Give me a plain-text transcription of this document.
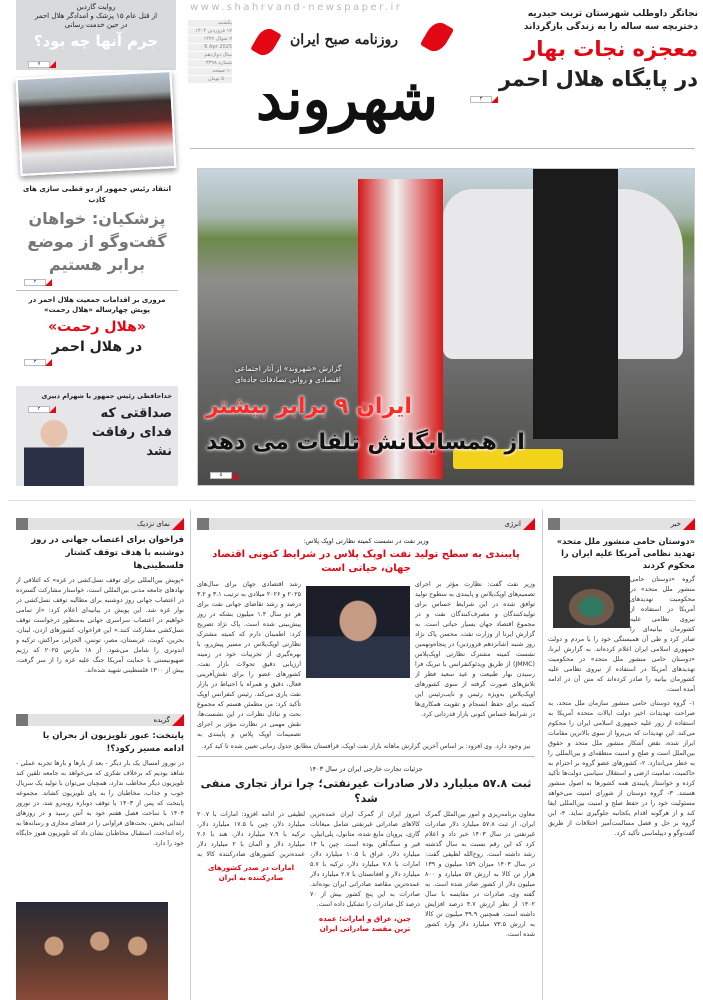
روایت گاردین
از قتل عام ۱۵ پزشک و امدادگر هلال احمر
در حین خدمت رسانی
جرم آنها چه بود؟
۷
www.shahrvand-newspaper.ir
شهروند
روزنامه صبح ایران
یکشنبه
۱۷ فروردین ۱۴۰۴
۷ شوال ۱۴۴۶
6 Apr 2025
سال دوازدهم
شماره ۳۳۹۸
۱۰ صفحه
۵۰۰۰ تومان
نجاتگر داوطلب شهرستان تربت حیدریه
دختربچه سه ساله را به زندگی بازگرداند
معجزه نجات بهار
در پایگاه هلال احمر
۳
انتقاد رئیس جمهور از دو قطبی سازی های کاذب
پزشکیان: خواهان گفت‌وگو از موضع برابر هستیم
۲
مروری بر اقدامات جمعیت هلال احمر در پویش چهارساله «هلال رحمت»
«هلال رحمت»
در هلال احمر
۳
خداحافظی رئیس جمهور با شهرام دبیری
صداقتی که فدای رفاقت نشد
۲
گزارش «شهروند» از آثار اجتماعی
اقتصادی و روانی تصادفات جاده‌ای
ایران ۹ برابر بیشتر
از همسایگانش تلفات می دهد
۵
خبر
«دوستان حامی منشور ملل متحد» تهدید نظامی آمریکا علیه ایران را محکوم کردند
گروه «دوستان حامی منشور ملل متحد» در محکومیت تهدیدهای آمریکا در استفاده از نیروی نظامی علیه کشورمان بیانیه‌ای را صادر کرد و طی آن همبستگی خود را با مردم و دولت جمهوری اسلامی ایران اعلام کرده‌اند. به گزارش ایرنا، «دوستان حامی منشور ملل متحد» در محکومیت تهدیدهای آمریکا در استفاده از نیروی نظامی علیه کشورمان بیانیه را صادر کرده‌اند که متن آن در ادامه آمده است.
۱- گروه دوستان حامی منشور سازمان ملل متحد، به صراحت تهدیدات اخیر دولت ایالات متحده آمریکا به استفاده از زور علیه جمهوری اسلامی ایران را محکوم می‌کند. این تهدیدات که بی‌پروا از سوی بالاترین مقامات ابراز شده، نقض آشکار منشور ملل متحد و حقوق بین‌الملل است و صلح و امنیت منطقه‌ای و بین‌المللی را به خطر می‌اندازد. ۲- کشورهای عضو گروه بر احترام به حاکمیت، تمامیت ارضی و استقلال سیاسی دولت‌ها تأکید کرده و خواستار پایبندی همه کشورها به اصول منشور هستند. ۳- گروه دوستان از شورای امنیت می‌خواهد مسئولیت خود را در حفظ صلح و امنیت بین‌المللی ایفا کند و از هرگونه اقدام یکجانبه جلوگیری نماید. ۴- این گروه بر حل و فصل مسالمت‌آمیز اختلافات از طریق گفت‌وگو و دیپلماسی تأکید کرد.
انرژی
وزیر نفت در نشست کمیته نظارتی اوپک پلاس:
پایبندی به سطح تولید نفت اوپک پلاس در شرایط کنونی اقتصاد جهان، حیاتی است
وزیر نفت گفت: نظارت مؤثر بر اجرای تصمیم‌های اوپک‌پلاس و پایبندی به سطوح تولید توافق شده در این شرایط حساس برای تولیدکنندگان و مصرف‌کنندگان نفت و در مجموع اقتصاد جهان بسیار حیاتی است. به گزارش ایرنا از وزارت نفت، محسن پاک نژاد روز شنبه (شانزدهم فروردین) در پنجاه‌ونهمین نشست کمیته مشترک نظارتی اوپک‌پلاس (JMMC) از طریق ویدئوکنفرانس با تبریک فرا رسیدن بهار طبیعت و عید سعید فطر از تلاش‌های صورت گرفته از سوی کشورهای اوپک‌پلاس به‌ویژه رئیس و نایب‌رئیس این کمیته برای حفظ انسجام و تقویت همکاری‌ها در شرایط حساس کنونی بازار قدردانی کرد.
رشد اقتصادی جهان برای سال‌های ۲۰۲۵ و ۲۰۲۶ میلادی به ترتیب ۳.۱ و ۳.۲ درصد و رشد تقاضای جهانی نفت برای هر دو سال ۱.۴ میلیون بشکه در روز پیش‌بینی شده است. پاک نژاد تصریح کرد: اطمینان دارم که کمیته مشترک نظارتی اوپک‌پلاس در مسیر پیش‌رو، با بهره‌گیری از تجربیات خود در زمینه ارزیابی دقیق تحولات بازار نفت، کشورهای عضو را برای نقش‌آفرینی فعال، دقیق و همراه با احتیاط در بازار نفت یاری می‌کند. رئیس کنفرانس اوپک تأکید کرد: من مطمئن هستم که مجموع بحث و تبادل نظرات در این نشست‌ها، نقش مهمی در نظارت مؤثر بر اجرای تصمیمات اوپک پلاس و پایبندی به
نیز وجود دارد. وی افزود: بر اساس آخرین گزارش ماهانه بازار نفت اوپک، قرافستان مطابق جدول زمانی تعیین شده تا کید کرد.
جزئیات تجارت خارجی ایران در سال ۱۴۰۳
ثبت ۵۷.۸ میلیارد دلار صادرات غیرنفتی؛ چرا تراز تجاری منفی شد؟
معاون برنامه‌ریزی و امور بین‌الملل گمرک ایران، از ثبت ۵۷.۸ میلیارد دلار صادرات غیرنفتی در سال ۱۴۰۳ خبر داد و اعلام کرد که این رقم نسبت به سال گذشته رشد داشته است. روح‌الله لطیفی گفت: در سال ۱۴۰۳ میزان ۱۵۹ میلیون و ۱۳۹ هزار تن کالا به ارزش ۵۷ میلیارد و ۸۰۰ میلیون دلار از کشور صادر شده است. به گفته وی، صادرات در مقایسه با سال ۱۴۰۲ از نظر ارزش ۴.۷ درصد افزایش داشته است. همچنین ۳۹.۹ میلیون تن کالا به ارزش ۷۳.۵ میلیارد دلار وارد کشور شده است.
امروز ایران از گمرک ایران عمده‌ترین کالاهای صادراتی غیرنفتی شامل میعانات گازی، پروپان مایع شده، متانول، پلی‌اتیلن، قیر و سنگ‌آهن بوده است. چین با ۱۴ میلیارد دلار، عراق با ۱۰.۵ میلیارد دلار، امارات با ۷.۸ میلیارد دلار، ترکیه با ۵.۷ میلیارد دلار و افغانستان با ۲.۷ میلیارد دلار عمده‌ترین مقاصد صادراتی ایران بوده‌اند. صادرات به این پنج کشور بیش از ۷۰ درصد کل صادرات را تشکیل داده است.
چین، عراق و امارات؛ عمده ترین مقصد صادراتی ایران
لطیفی در ادامه افزود: امارات با ۲۰.۷ میلیارد دلار، چین با ۱۷.۵ میلیارد دلار، ترکیه با ۷.۹ میلیارد دلار، هند با ۲.۶ میلیارد دلار و آلمان با ۲ میلیارد دلار عمده‌ترین کشورهای صادرکننده کالا به
امارات در صدر کشورهای صادرکننده به ایران
نمای نزدیک
فراخوان برای اعتصاب جهانی در روز دوشنبه با هدف توقف کشتار فلسطینی‌ها
«پویش بین‌المللی برای توقف نسل‌کشی در غزه» که ائتلافی از نهادهای جامعه مدنی بین‌المللی است، خواستار مشارکت گسترده در اعتصاب جهانی روز دوشنبه برای مطالبه توقف نسل‌کشی در نوار غزه شد. این پویش در بیانیه‌ای اعلام کرد: «از تمامی خواهیم در اعتصاب سراسری جهانی به‌منظور درخواست توقف نسل‌کشی مشارکت کنند.» این فراخوان، کشورهای اردن، لبنان، بحرین، کویت، عربستان، مصر، تونس، الجزایر، مراکش، ترکیه و اندونزی را شامل می‌شود. از ۱۸ مارس ۲۰۲۵ که رژیم صهیونیستی با حمایت آمریکا جنگ علیه غزه را از سر گرفت، بیش از ۱۳۰۰ فلسطینی شهید شده‌اند.
گزیده
پایتخت: عبور تلویزیون از بحران یا ادامه مسیر رکود؟!
در نوروز امسال یک بار دیگر - بعد از بارها و بارها تجربه عملی - شاهد بودیم که برخلاف تفکری که می‌خواهد به جامعه تلقین کند تلویزیون دیگر مخاطب ندارد، همچنان می‌توان با تولید یک سریال خوب و جذاب، مخاطبان را به پای تلویزیون کشاند. مجموعه پایتخت که پس از ۱۴۰۳ با توقف دوباره روبه‌رو شد، در نوروز ۱۴۰۴ با ساخت فصل هفتم خود به آنتن رسید و در روزهای ابتدایی پخش، بحث‌های فراوانی را در فضای مجازی و رسانه‌ها به راه انداخت. استقبال مخاطبان نشان داد که تلویزیون هنوز جایگاه خود را دارد.
